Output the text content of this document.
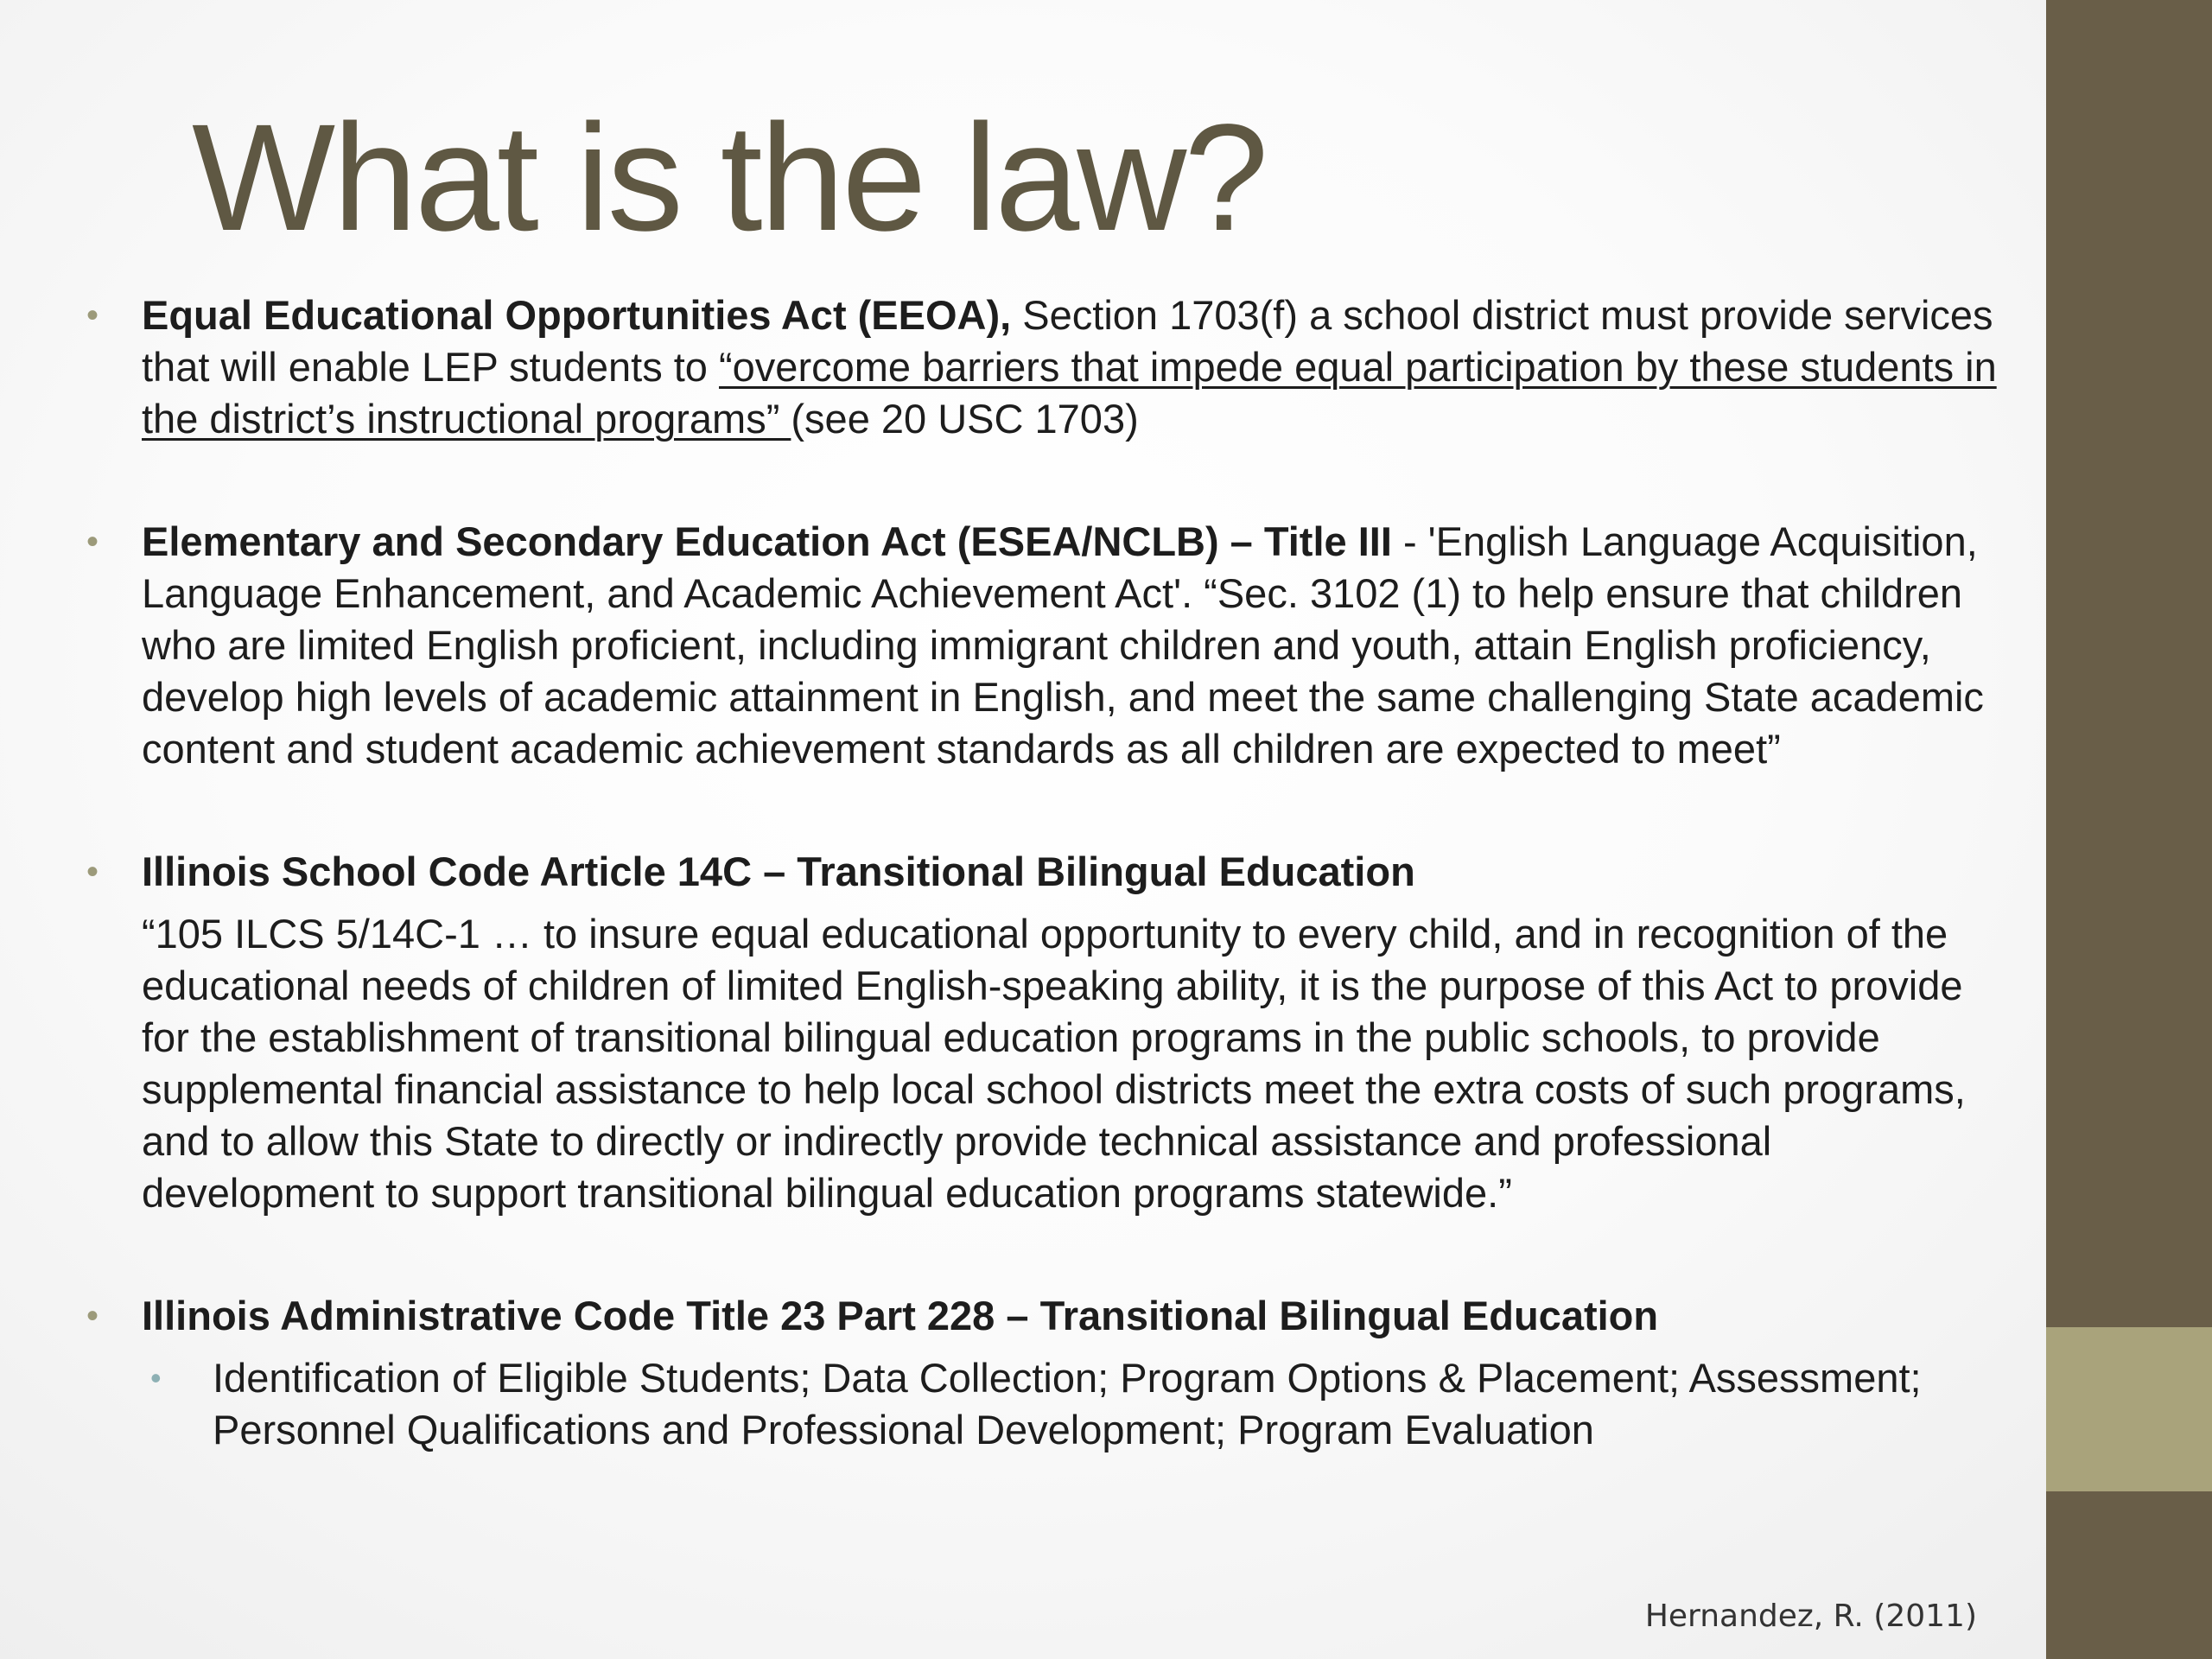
What is the law?
• Equal Educational Opportunities Act (EEOA), Section 1703(f) a school district must provide services that will enable LEP students to “overcome barriers that impede equal participation by these students in the district’s instructional programs” (see 20 USC 1703)
• Elementary and Secondary Education Act (ESEA/NCLB) – Title III - 'English Language Acquisition, Language Enhancement, and Academic Achievement Act'. “Sec. 3102 (1) to help ensure that children who are limited English proficient, including immigrant children and youth, attain English proficiency, develop high levels of academic attainment in English, and meet the same challenging State academic content and student academic achievement standards as all children are expected to meet”
• Illinois School Code Article 14C – Transitional Bilingual Education
“105 ILCS 5/14C-1 … to insure equal educational opportunity to every child, and in recognition of the educational needs of children of limited English-speaking ability, it is the purpose of this Act to provide for the establishment of transitional bilingual education programs in the public schools, to provide supplemental financial assistance to help local school districts meet the extra costs of such programs, and to allow this State to directly or indirectly provide technical assistance and professional development to support transitional bilingual education programs statewide.”
• Illinois Administrative Code Title 23 Part 228 – Transitional Bilingual Education
• Identification of Eligible Students; Data Collection; Program Options & Placement; Assessment; Personnel Qualifications and Professional Development; Program Evaluation
Hernandez, R. (2011)
